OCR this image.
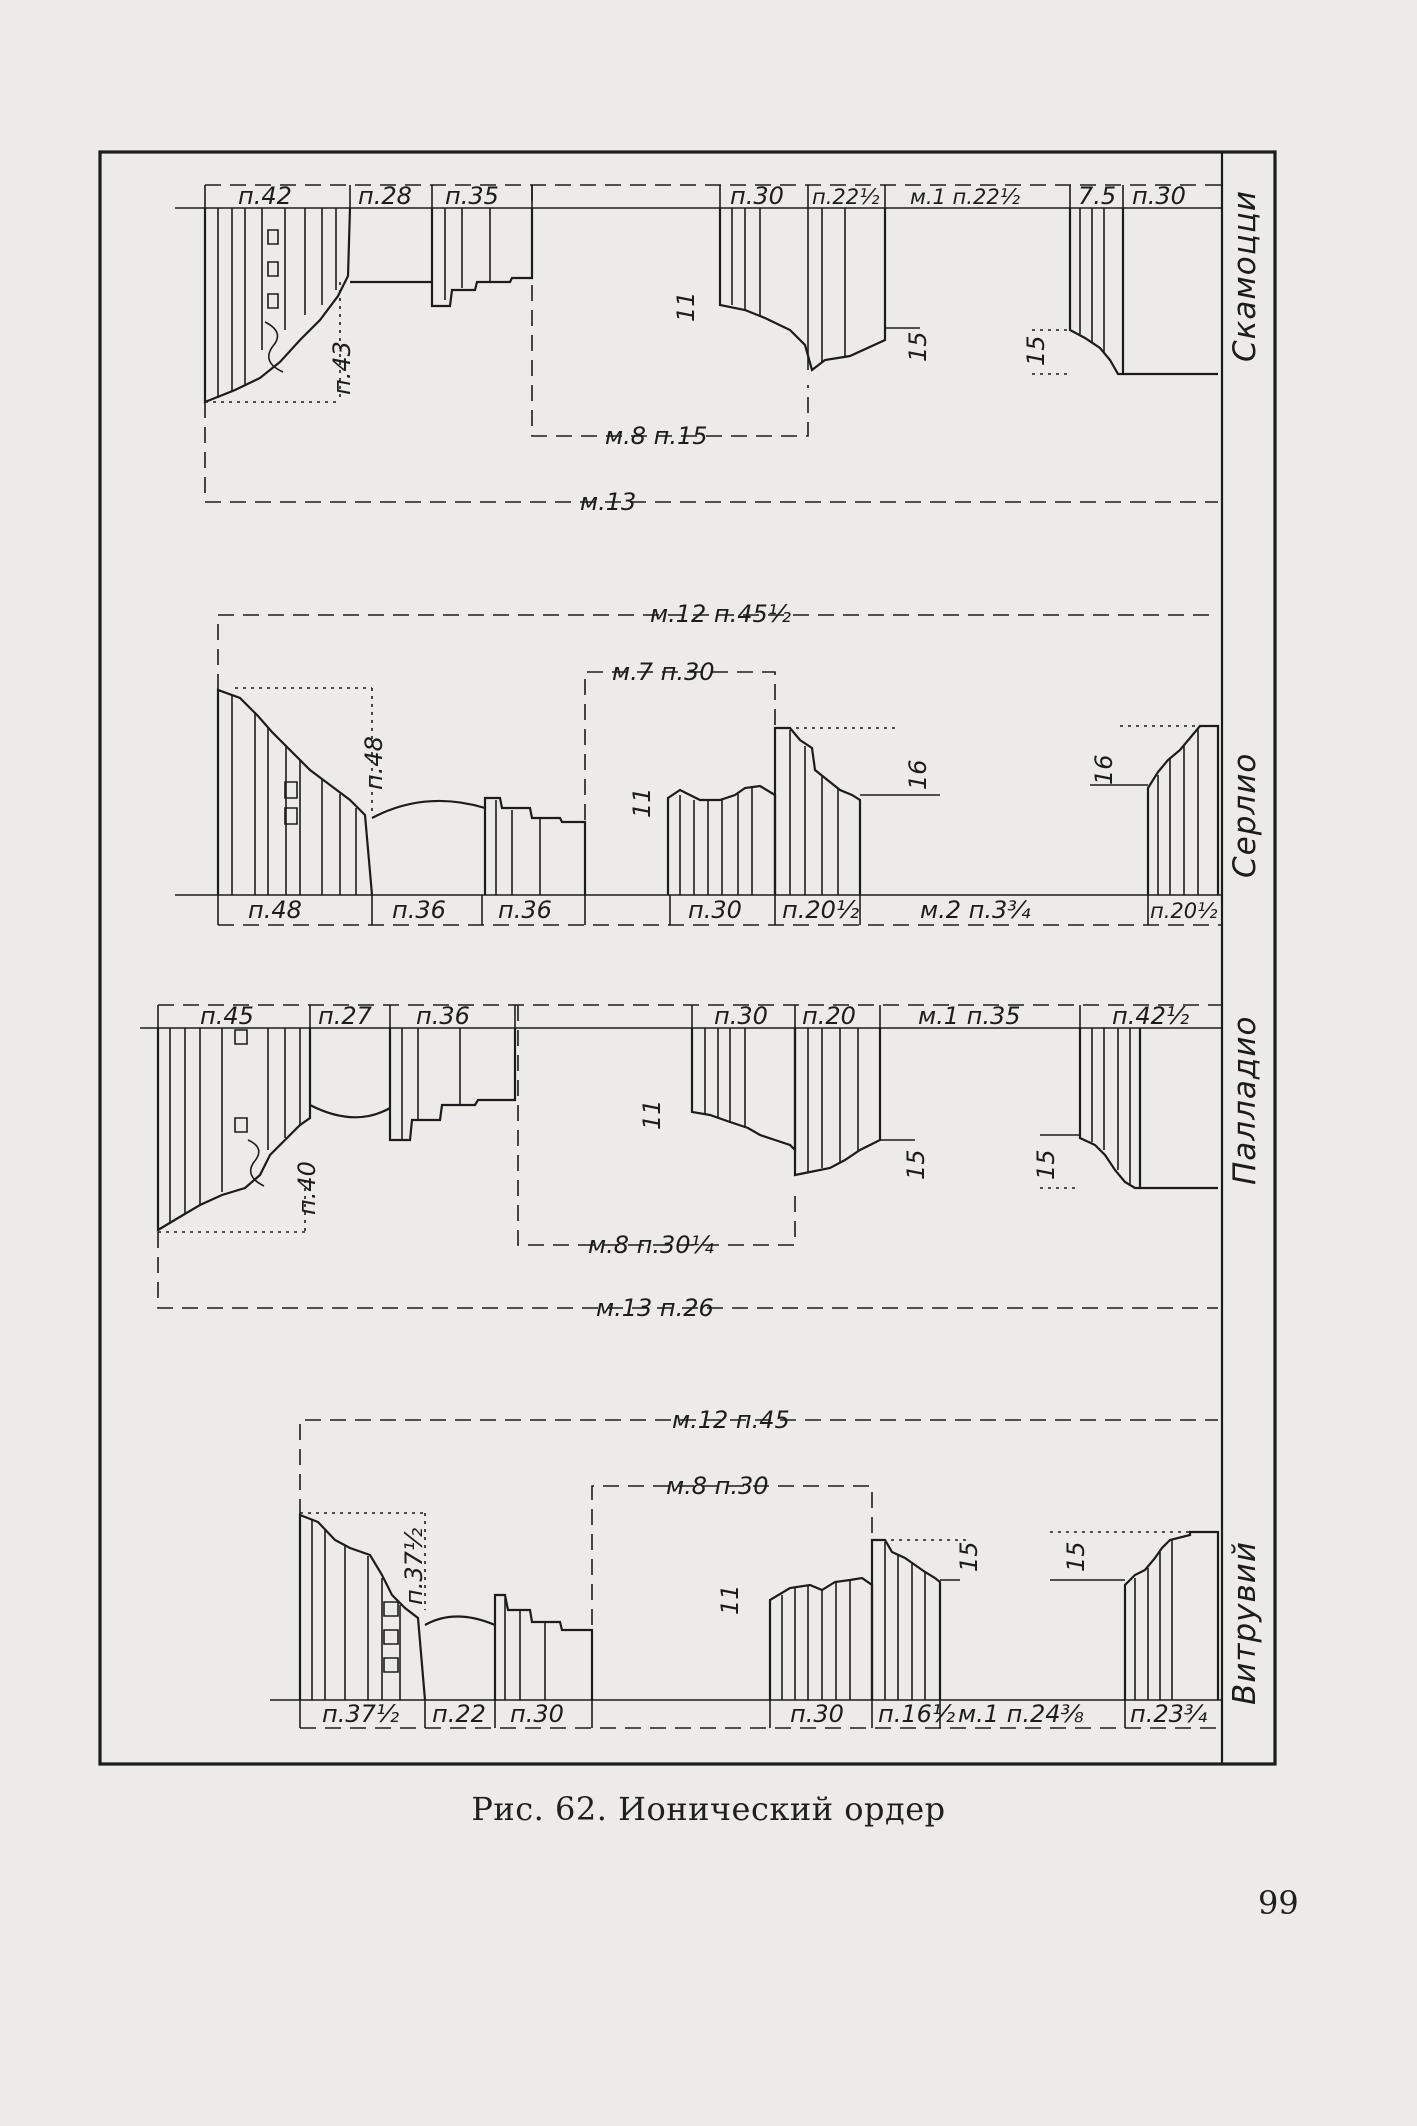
п.42	п.28 п.35	п.30 п.22½ м.1 п.22½ 7.5 п.30
п.43
11
15	15
м.8 п.15
м.13
Скамоцци
п.48	п.36 п.36	п.30 п.20½	м.2 п.3¾	п.20½
м.12 п.45½
м.7 п.30
п.48
11
16	16	Серлио
п.45	п.27 п.36	п.30 п.20	м.1 п.35	п.42½
п.40
11
15	15
м.8 п.30¼
м.13 п.26
Палладио
п.37½ п.22 п.30	п.30 п.16½ м.1 п.24⅜ п.23¾
м.12 п.45
м.8 п.30
п.37½	11
15	15	Витрувий
Рис. 62. Ионический ордер
99
